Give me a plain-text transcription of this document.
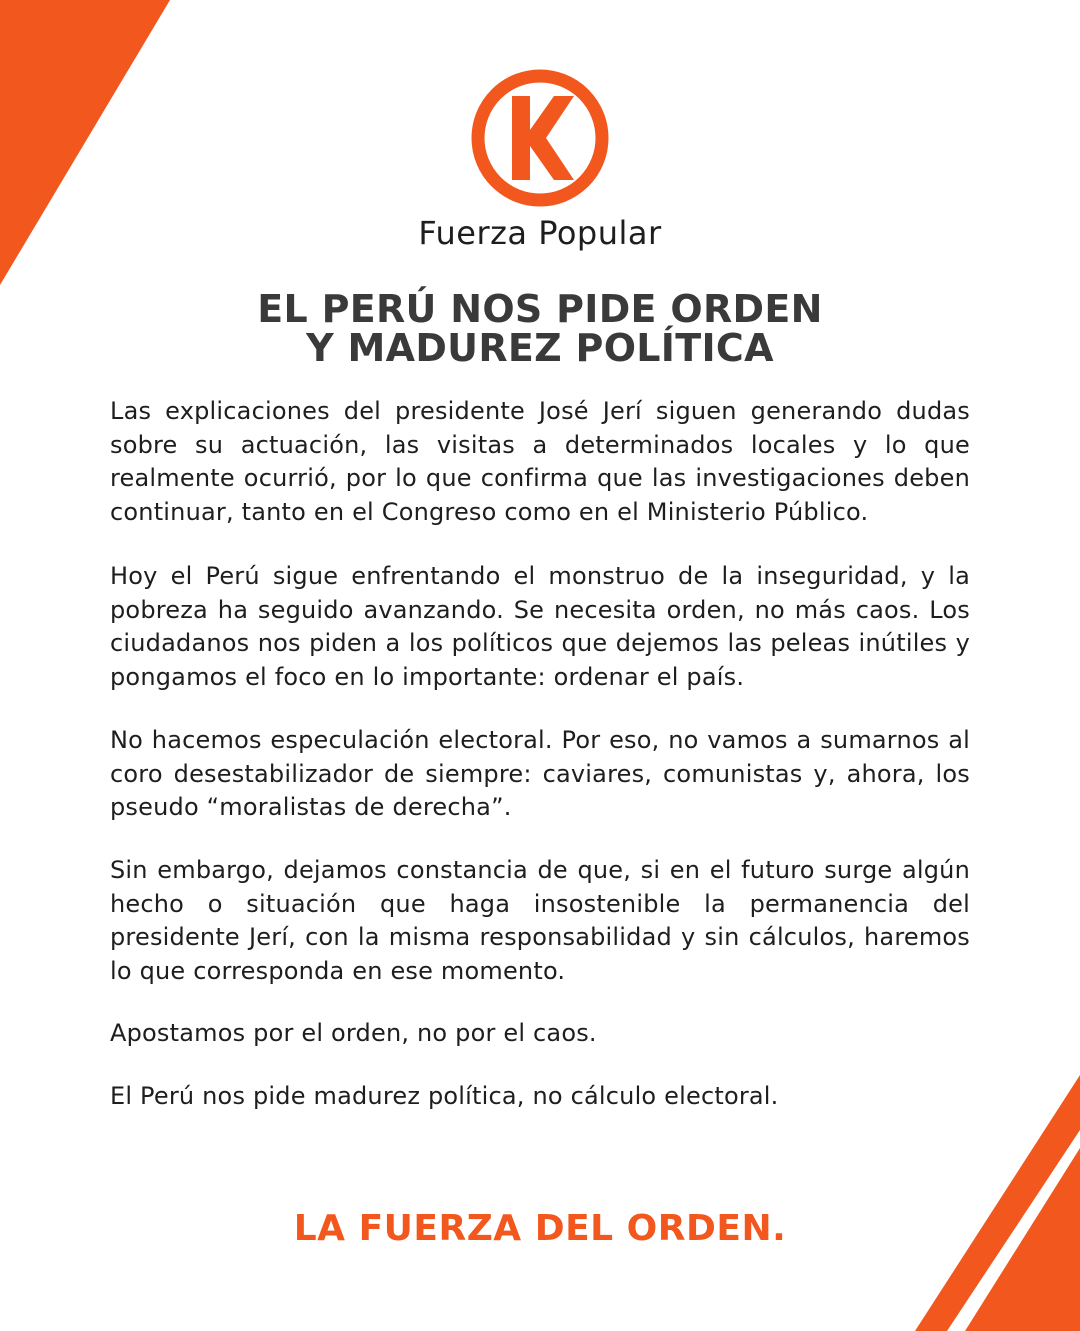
Fuerza Popular
EL PERÚ NOS PIDE ORDEN
Y MADUREZ POLÍTICA

Las explicaciones del presidente José Jerí siguen generando dudas sobre su actuación, las visitas a determinados locales y lo que realmente ocurrió, por lo que confirma que las investigaciones deben continuar, tanto en el Congreso como en el Ministerio Público.

Hoy el Perú sigue enfrentando el monstruo de la inseguridad, y la pobreza ha seguido avanzando. Se necesita orden, no más caos. Los ciudadanos nos piden a los políticos que dejemos las peleas inútiles y pongamos el foco en lo importante: ordenar el país.

No hacemos especulación electoral. Por eso, no vamos a sumarnos al coro desestabilizador de siempre: caviares, comunistas y, ahora, los pseudo “moralistas de derecha”.

Sin embargo, dejamos constancia de que, si en el futuro surge algún hecho o situación que haga insostenible la permanencia del presidente Jerí, con la misma responsabilidad y sin cálculos, haremos lo que corresponda en ese momento.

Apostamos por el orden, no por el caos.

El Perú nos pide madurez política, no cálculo electoral.

LA FUERZA DEL ORDEN.
